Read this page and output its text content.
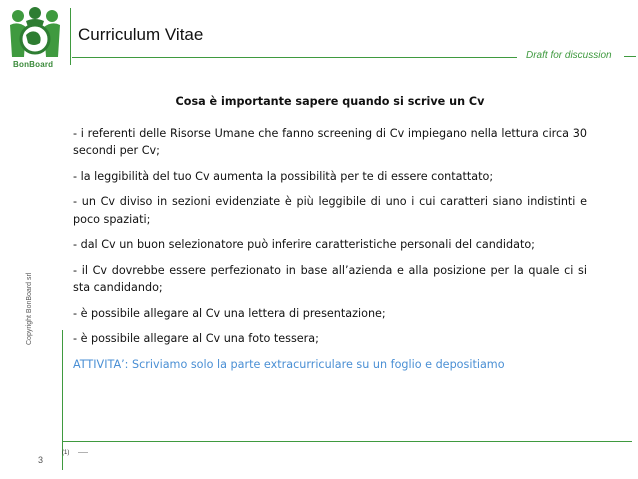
BonBoard
Curriculum Vitae
Draft for discussion
Cosa è importante sapere quando si scrive un Cv
- i referenti delle Risorse Umane che fanno screening di Cv impiegano nella lettura circa 30 secondi per Cv;
- la leggibilità del tuo Cv aumenta la possibilità per te di essere contattato;
- un Cv diviso in sezioni evidenziate è più leggibile di uno i cui caratteri siano indistinti e poco spaziati;
- dal Cv un buon selezionatore può inferire caratteristiche personali del candidato;
- il Cv dovrebbe essere perfezionato in base all’azienda e alla posizione per la quale ci si sta candidando;
- è possibile allegare al Cv una lettera di presentazione;
- è possibile allegare al Cv una foto tessera;
ATTIVITA’: Scriviamo solo la parte extracurriculare su un foglio e depositiamo
Copyright BonBoard srl
3
(1) -----
